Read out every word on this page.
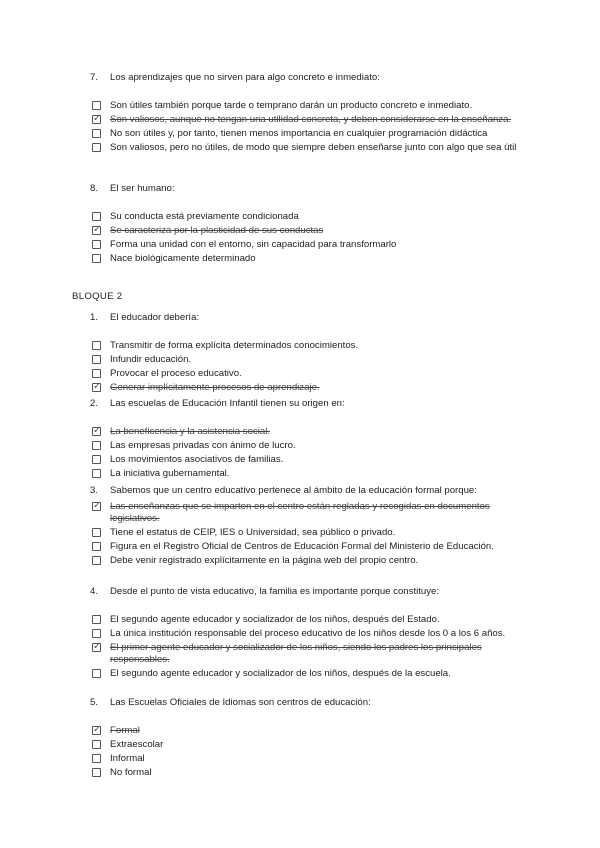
7.	Los aprendizajes que no sirven para algo concreto e inmediato:
Son útiles también porque tarde o temprano darán un producto concreto e inmediato.
✓ Son valiosos, aunque no tengan una utilidad concreta, y deben considerarse en la enseñanza.
No son útiles y, por tanto, tienen menos importancia en cualquier programación didáctica
Son valiosos, pero no útiles, de modo que siempre deben enseñarse junto con algo que sea útil
8.	El ser humano:
Su conducta está previamente condicionada
✓ Se caracteriza por la plasticidad de sus conductas
Forma una unidad con el entorno, sin capacidad para transformarlo
Nace biológicamente determinado
BLOQUE 2
1.	El educador debería:
Transmitir de forma explícita determinados conocimientos.
Infundir educación.
Provocar el proceso educativo.
✓ Generar implícitamente procesos de aprendizaje.
2.	Las escuelas de Educación Infantil tienen su origen en:
✓ La beneficencia y la asistencia social.
Las empresas privadas con ánimo de lucro.
Los movimientos asociativos de familias.
La iniciativa gubernamental.
3.	Sabemos que un centro educativo pertenece al ámbito de la educación formal porque:
✓ Las enseñanzas que se imparten en el centro están regladas y recogidas en documentos legislativos.
Tiene el estatus de CEIP, IES o Universidad, sea público o privado.
Figura en el Registro Oficial de Centros de Educación Formal del Ministerio de Educación.
Debe venir registrado explícitamente en la página web del propio centro.
4.	Desde el punto de vista educativo, la familia es importante porque constituye:
El segundo agente educador y socializador de los niños, después del Estado.
La única institución responsable del proceso educativo de los niños desde los 0 a los 6 años.
✓ El primer agente educador y socializador de los niños, siendo los padres los principales responsables.
El segundo agente educador y socializador de los niños, después de la escuela.
5.	Las Escuelas Oficiales de Idiomas son centros de educación:
✓ Formal
Extraescolar
Informal
No formal
